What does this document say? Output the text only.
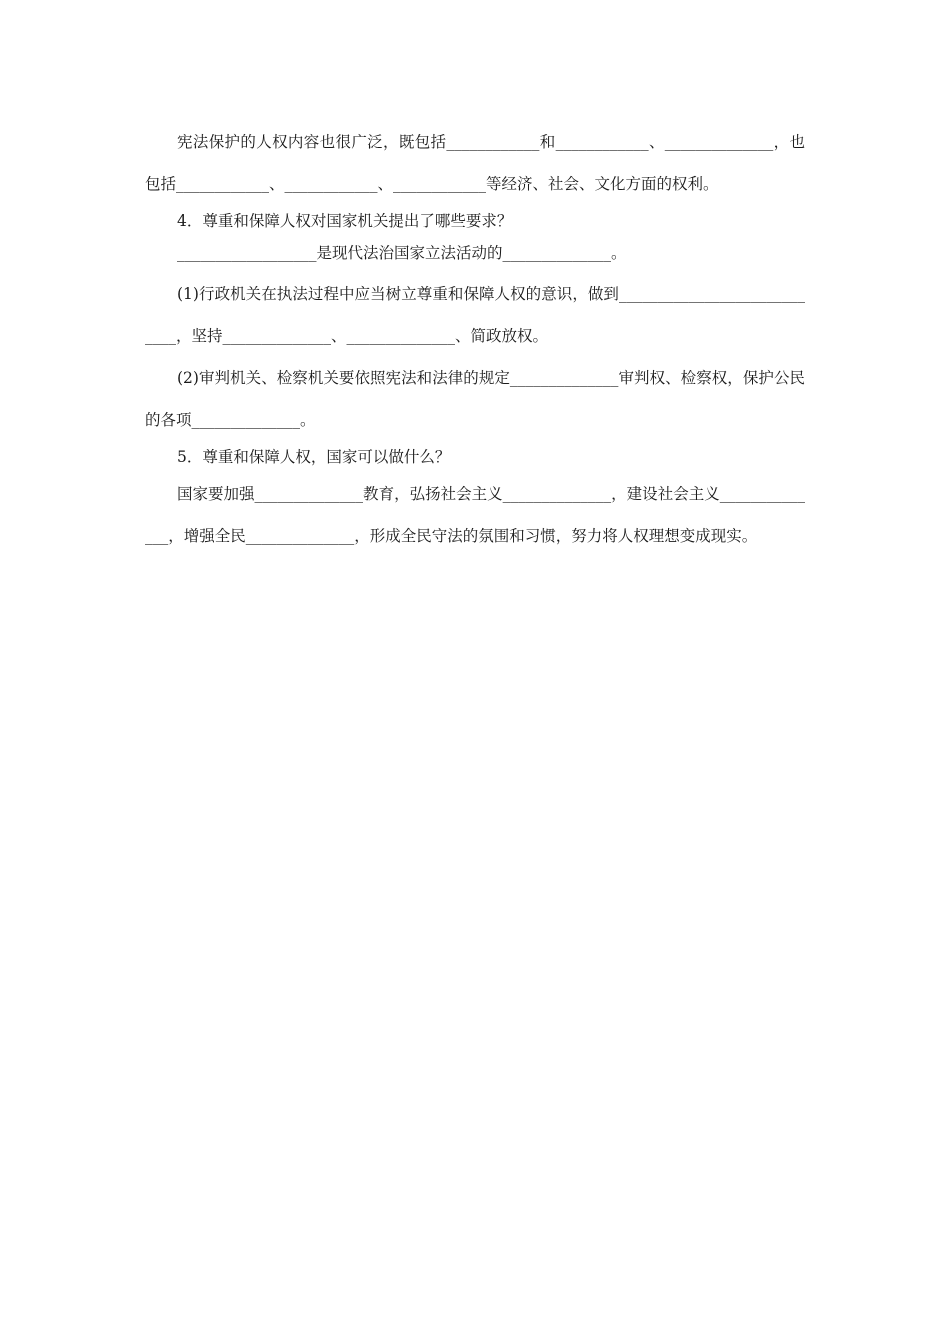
宪法保护的人权内容也很广泛，既包括____________和____________、______________，也包括____________、____________、____________等经济、社会、文化方面的权利。

4．尊重和保障人权对国家机关提出了哪些要求？

__________________是现代法治国家立法活动的______________。

(1)行政机关在执法过程中应当树立尊重和保障人权的意识，做到____________________________，坚持______________、______________、简政放权。

(2)审判机关、检察机关要依照宪法和法律的规定______________审判权、检察权，保护公民的各项______________。

5．尊重和保障人权，国家可以做什么？

国家要加强______________教育，弘扬社会主义______________，建设社会主义______________，增强全民______________，形成全民守法的氛围和习惯，努力将人权理想变成现实。
